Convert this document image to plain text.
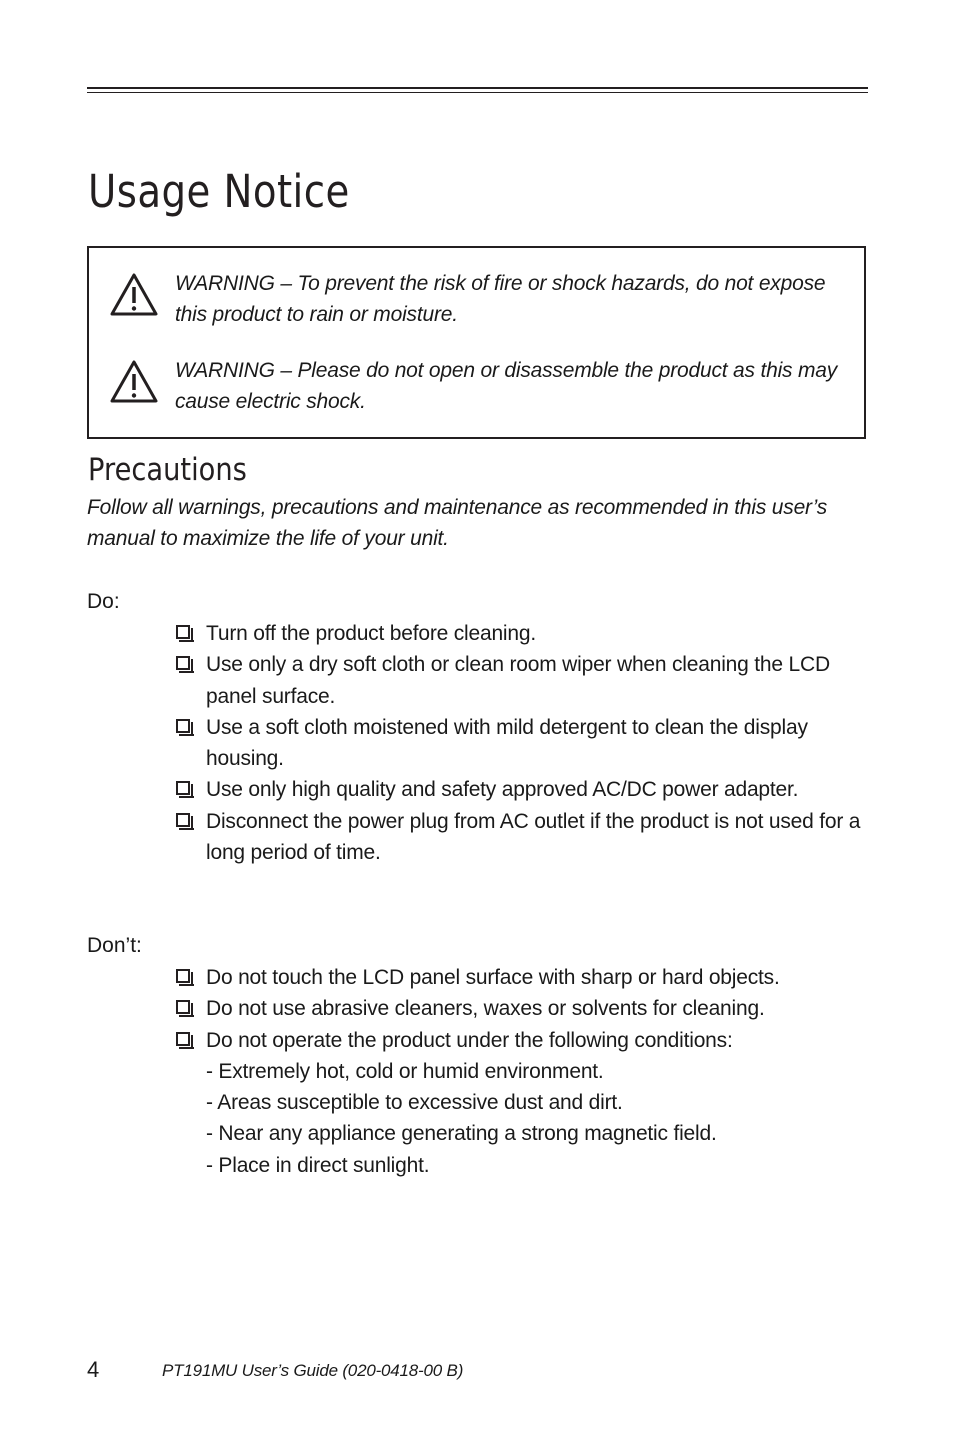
Usage Notice

WARNING – To prevent the risk of fire or shock hazards, do not expose this product to rain or moisture.

WARNING – Please do not open or disassemble the product as this may cause electric shock.

Precautions

Follow all warnings, precautions and maintenance as recommended in this user’s manual to maximize the life of your unit.

Do:

Turn off the product before cleaning.
Use only a dry soft cloth or clean room wiper when cleaning the LCD panel surface.
Use a soft cloth moistened with mild detergent to clean the display housing.
Use only high quality and safety approved AC/DC power adapter.
Disconnect the power plug from AC outlet if the product is not used for a long period of time.

Don’t:

Do not touch the LCD panel surface with sharp or hard objects.
Do not use abrasive cleaners, waxes or solvents for cleaning.
Do not operate the product under the following conditions:
- Extremely hot, cold or humid environment.
- Areas susceptible to excessive dust and dirt.
- Near any appliance generating a strong magnetic field.
- Place in direct sunlight.

4	PT191MU User’s Guide (020-0418-00 B)
